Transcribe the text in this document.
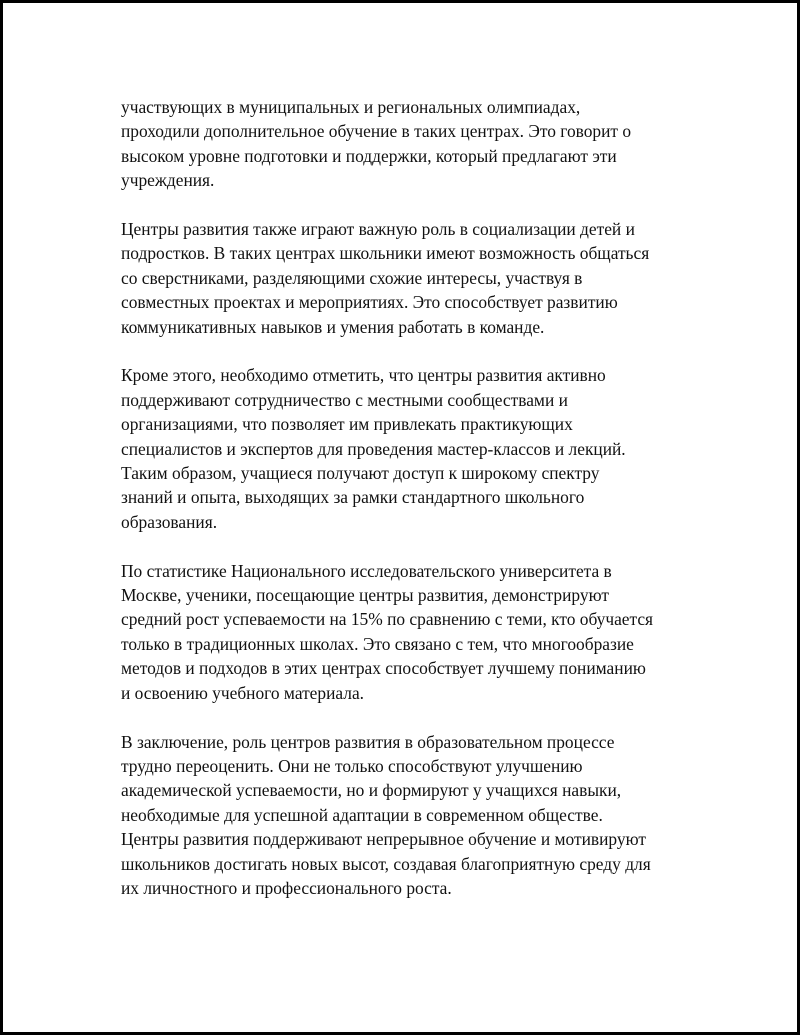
участвующих в муниципальных и региональных олимпиадах,
проходили дополнительное обучение в таких центрах. Это говорит о
высоком уровне подготовки и поддержки, который предлагают эти
учреждения.

Центры развития также играют важную роль в социализации детей и
подростков. В таких центрах школьники имеют возможность общаться
со сверстниками, разделяющими схожие интересы, участвуя в
совместных проектах и мероприятиях. Это способствует развитию
коммуникативных навыков и умения работать в команде.

Кроме этого, необходимо отметить, что центры развития активно
поддерживают сотрудничество с местными сообществами и
организациями, что позволяет им привлекать практикующих
специалистов и экспертов для проведения мастер-классов и лекций.
Таким образом, учащиеся получают доступ к широкому спектру
знаний и опыта, выходящих за рамки стандартного школьного
образования.

По статистике Национального исследовательского университета в
Москве, ученики, посещающие центры развития, демонстрируют
средний рост успеваемости на 15% по сравнению с теми, кто обучается
только в традиционных школах. Это связано с тем, что многообразие
методов и подходов в этих центрах способствует лучшему пониманию
и освоению учебного материала.

В заключение, роль центров развития в образовательном процессе
трудно переоценить. Они не только способствуют улучшению
академической успеваемости, но и формируют у учащихся навыки,
необходимые для успешной адаптации в современном обществе.
Центры развития поддерживают непрерывное обучение и мотивируют
школьников достигать новых высот, создавая благоприятную среду для
их личностного и профессионального роста.
